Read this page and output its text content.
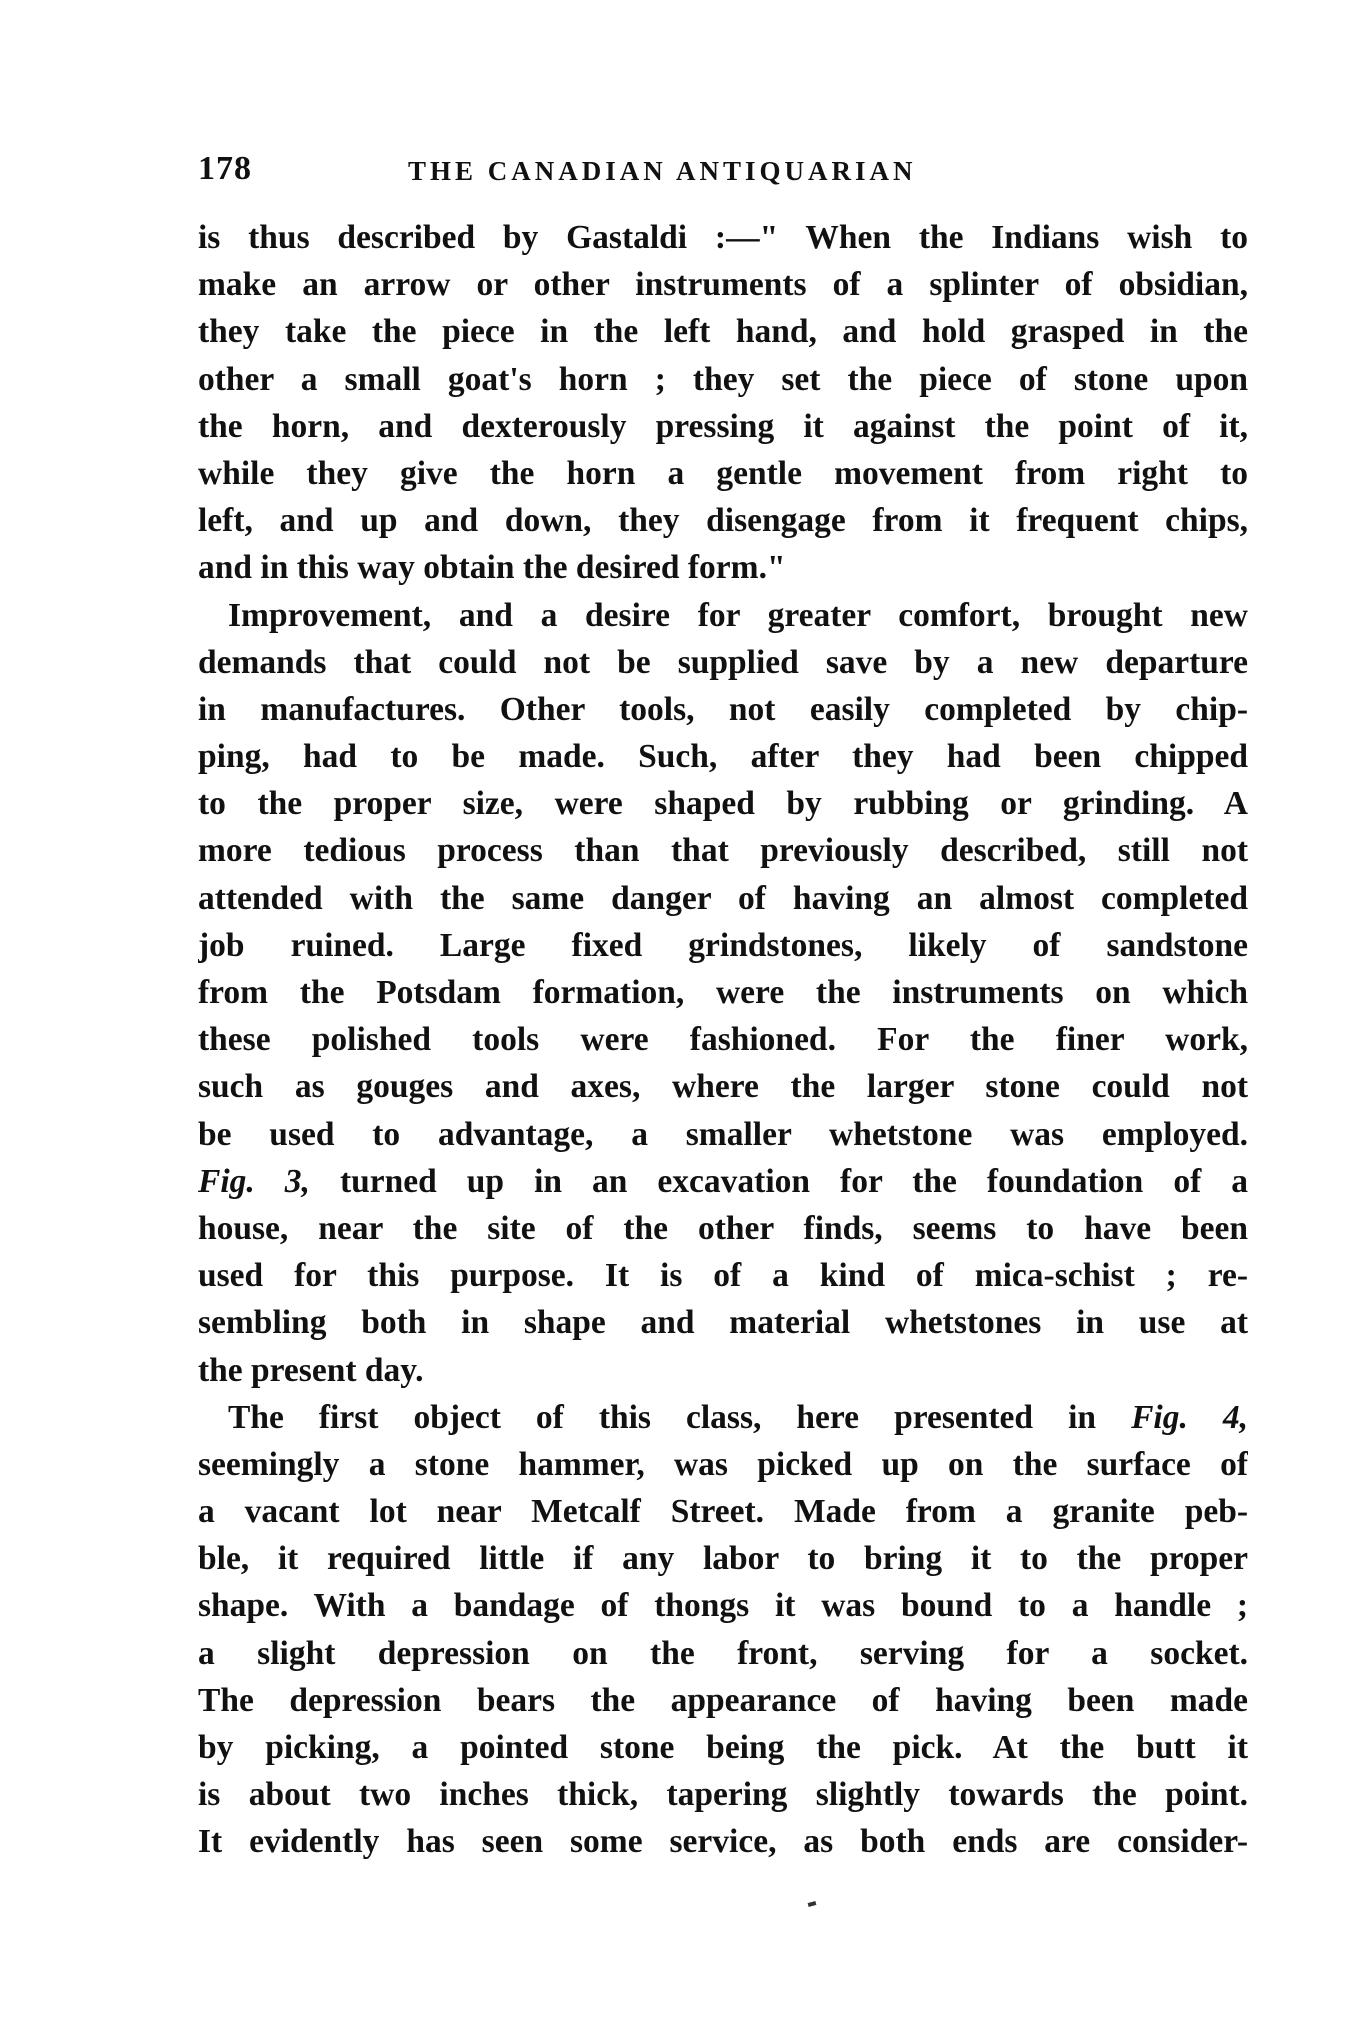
178	THE CANADIAN ANTIQUARIAN
is thus described by Gastaldi :—" When the Indians wish to
make an arrow or other instruments of a splinter of obsidian,
they take the piece in the left hand, and hold grasped in the
other a small goat's horn ; they set the piece of stone upon
the horn, and dexterously pressing it against the point of it,
while they give the horn a gentle movement from right to
left, and up and down, they disengage from it frequent chips,
and in this way obtain the desired form."
Improvement, and a desire for greater comfort, brought new
demands that could not be supplied save by a new departure
in manufactures. Other tools, not easily completed by chip-
ping, had to be made. Such, after they had been chipped
to the proper size, were shaped by rubbing or grinding. A
more tedious process than that previously described, still not
attended with the same danger of having an almost completed
job ruined. Large fixed grindstones, likely of sandstone
from the Potsdam formation, were the instruments on which
these polished tools were fashioned. For the finer work,
such as gouges and axes, where the larger stone could not
be used to advantage, a smaller whetstone was employed.
Fig. 3, turned up in an excavation for the foundation of a
house, near the site of the other finds, seems to have been
used for this purpose. It is of a kind of mica-schist ; re-
sembling both in shape and material whetstones in use at
the present day.
The first object of this class, here presented in Fig. 4,
seemingly a stone hammer, was picked up on the surface of
a vacant lot near Metcalf Street. Made from a granite peb-
ble, it required little if any labor to bring it to the proper
shape. With a bandage of thongs it was bound to a handle ;
a slight depression on the front, serving for a socket.
The depression bears the appearance of having been made
by picking, a pointed stone being the pick. At the butt it
is about two inches thick, tapering slightly towards the point.
It evidently has seen some service, as both ends are consider-
